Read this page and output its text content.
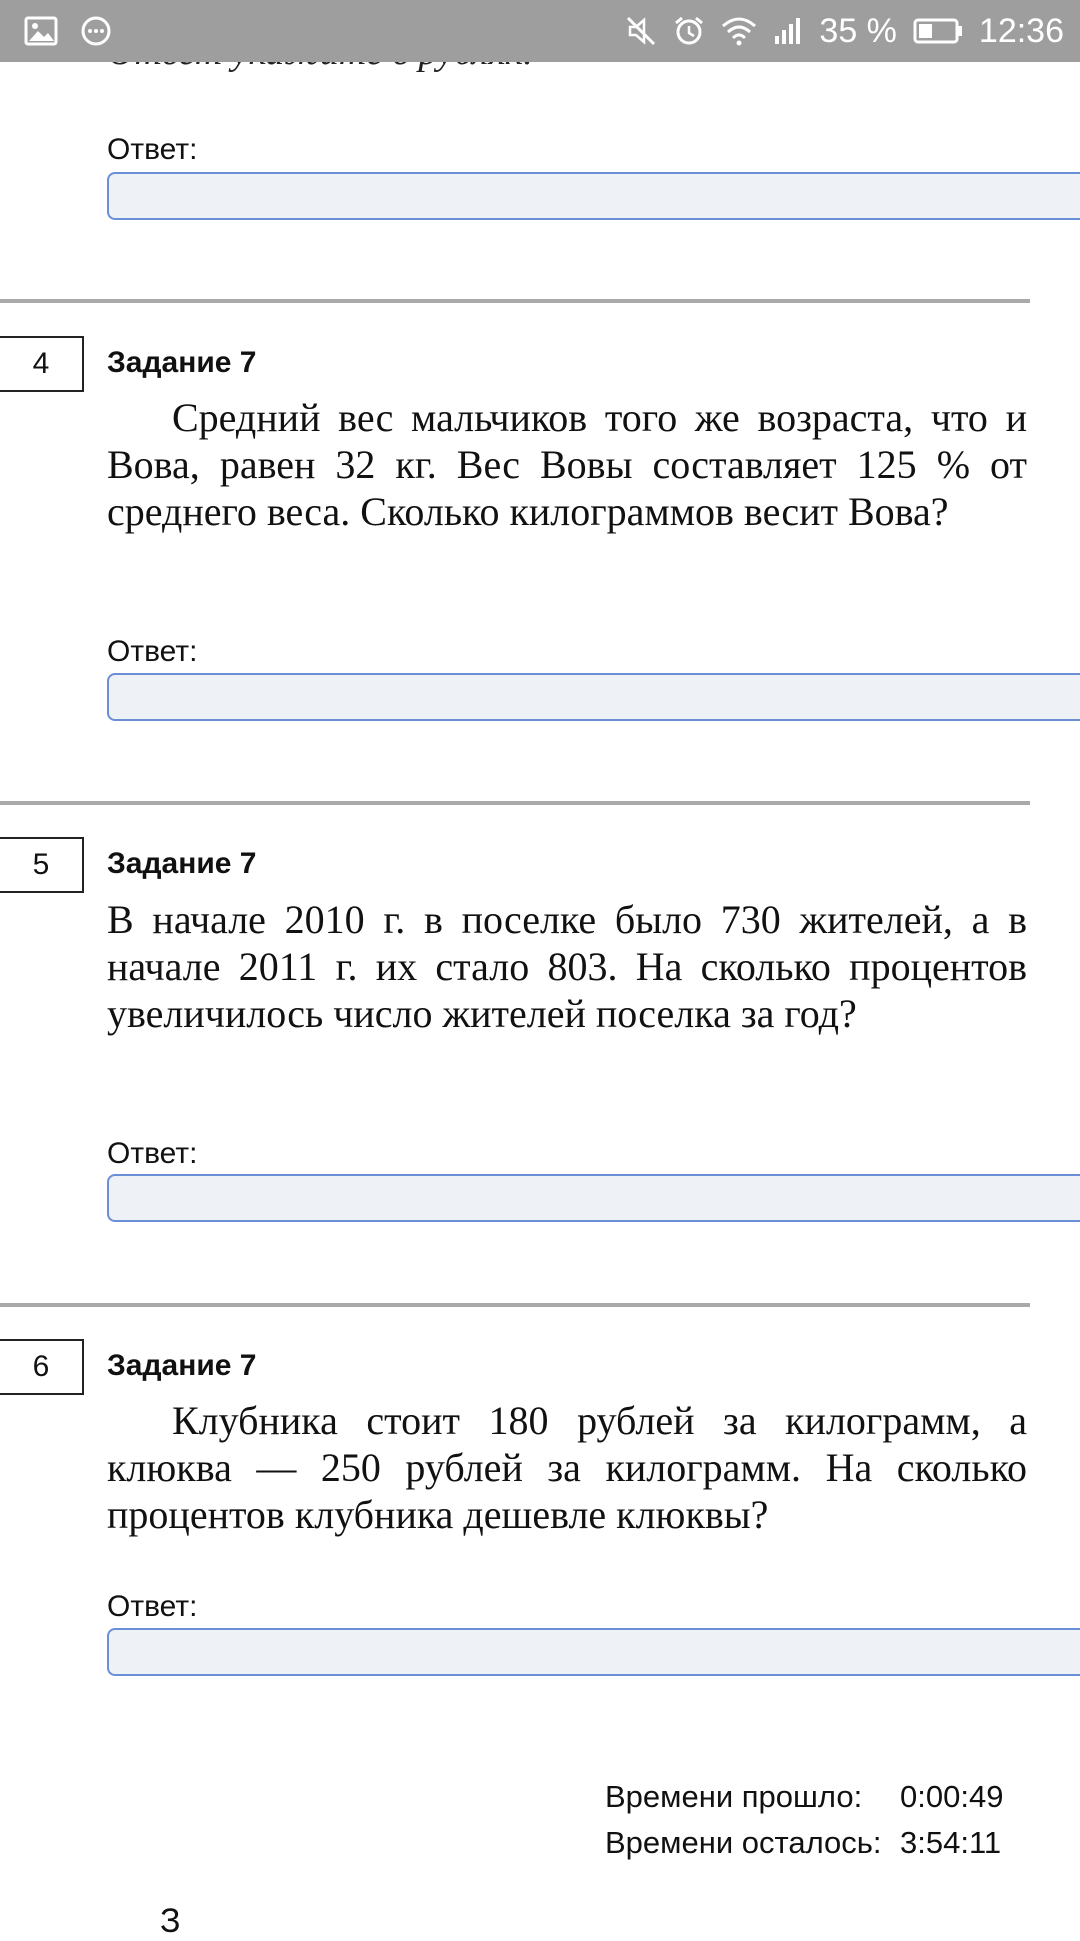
Ответ:
4	Задание 7
Средний вес мальчиков того же возраста, что и Вова, равен 32 кг. Вес Вовы составляет 125 % от среднего веса. Сколько килограммов весит Вова?
Ответ:
5	Задание 7
В начале 2010 г. в поселке было 730 жителей, а в начале 2011 г. их стало 803. На сколько процентов увеличилось число жителей поселка за год?
Ответ:
6	Задание 7
Клубника стоит 180 рублей за килограмм, а клюква — 250 рублей за килограмм. На сколько процентов клубника дешевле клюквы?
Ответ:
Времени прошло:	0:00:49
Времени осталось: 3:54:11
З
35 % 12:36
